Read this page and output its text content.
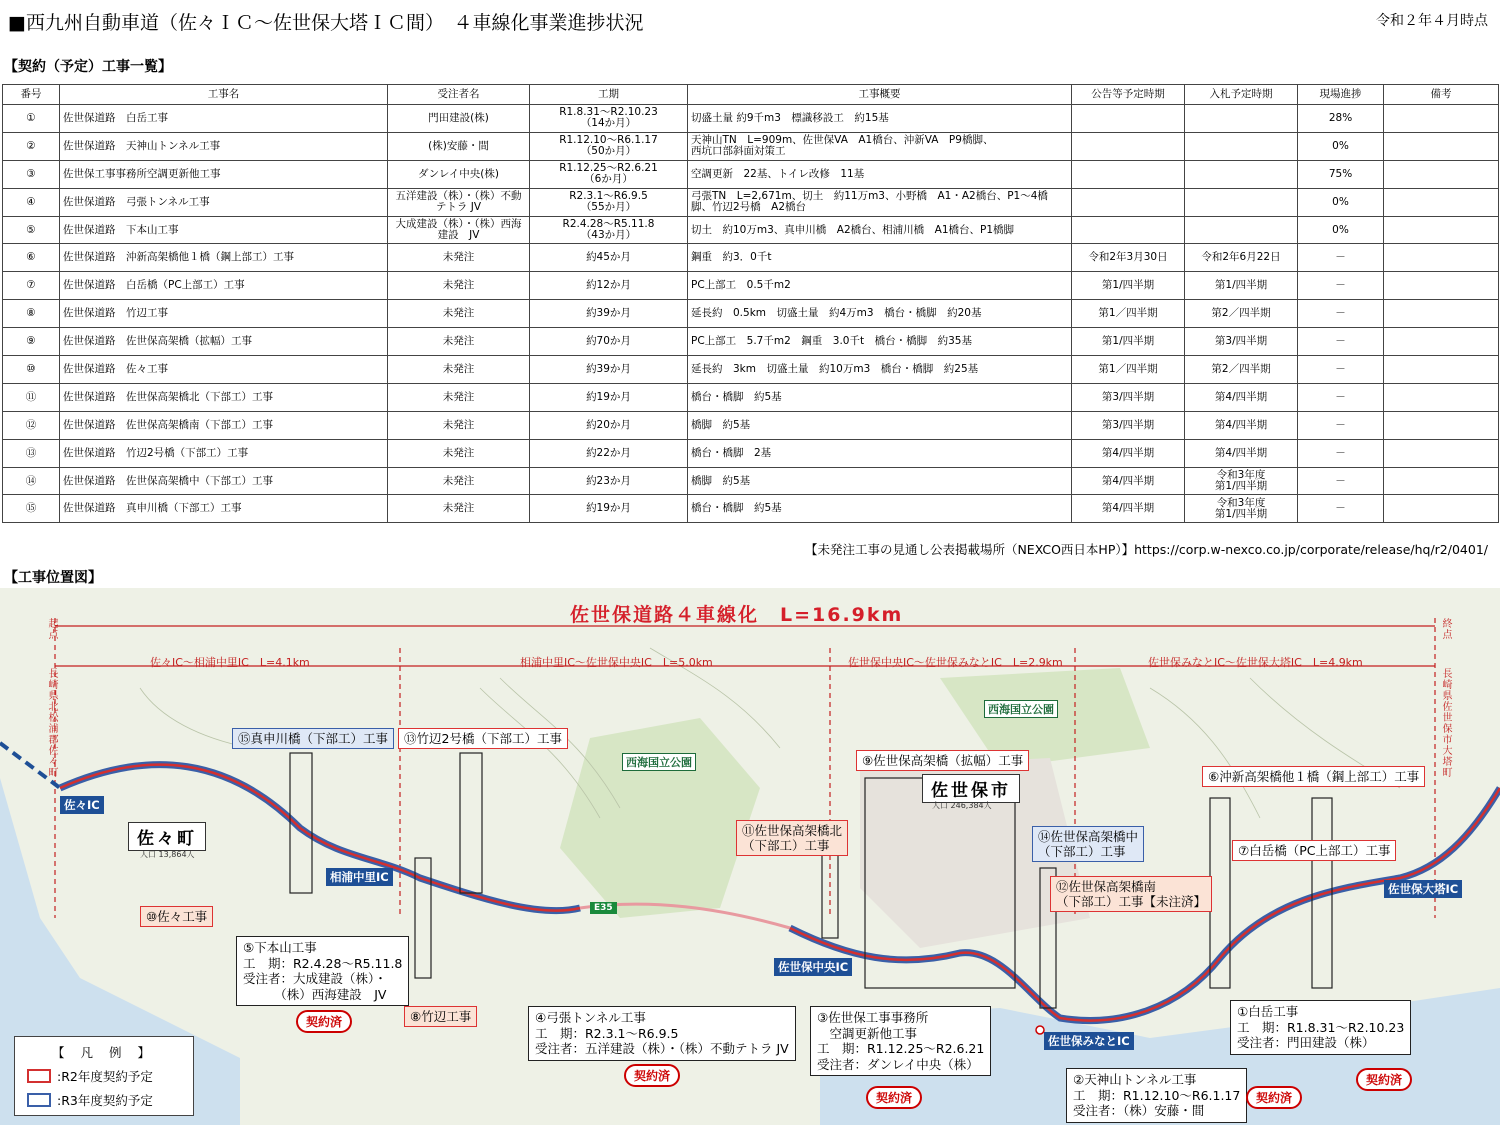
■西九州自動車道（佐々ＩＣ～佐世保大塔ＩＣ間）　４車線化事業進捗状況	令和２年４月時点
【契約（予定）工事一覧】
番号	工事名	受注者名	工期	工事概要	公告等予定時期	入札予定時期	現場進捗	備考
①	佐世保道路　白岳工事	門田建設(株)	R1.8.31～R2.10.23
（14か月）	切盛土量 約9千m3　標識移設工　約15基			28%	
②	佐世保道路　天神山トンネル工事	(株)安藤・間	R1.12.10～R6.1.17
（50か月）	天神山TN　L=909m、佐世保VA　A1橋台、沖新VA　P9橋脚、
西坑口部斜面対策工			0%	
③	佐世保工事事務所空調更新他工事	ダンレイ中央(株)	R1.12.25～R2.6.21
（6か月）	空調更新　22基、トイレ改修　11基			75%	
④	佐世保道路　弓張トンネル工事	五洋建設（株）・（株）不動
テトラ JV	R2.3.1～R6.9.5
（55か月）	弓張TN　L=2,671m、切土　約11万m3、小野橋　A1・A2橋台、P1～4橋
脚、竹辺2号橋　A2橋台			0%	
⑤	佐世保道路　下本山工事	大成建設（株）・（株）西海
建設　JV	R2.4.28～R5.11.8
（43か月）	切土　約10万m3、真申川橋　A2橋台、相浦川橋　A1橋台、P1橋脚			0%	
⑥	佐世保道路　沖新高架橋他１橋（鋼上部工）工事	未発注	約45か月	鋼重　約3．0千t	令和2年3月30日	令和2年6月22日	－	
⑦	佐世保道路　白岳橋（PC上部工）工事	未発注	約12か月	PC上部工　0.5千m2	第1/四半期	第1/四半期	－	
⑧	佐世保道路　竹辺工事	未発注	約39か月	延長約　0.5km　切盛土量　約4万m3　橋台・橋脚　約20基	第1／四半期	第2／四半期	－	
⑨	佐世保道路　佐世保高架橋（拡幅）工事	未発注	約70か月	PC上部工　5.7千m2　鋼重　3.0千t　橋台・橋脚　約35基	第1/四半期	第3/四半期	－	
⑩	佐世保道路　佐々工事	未発注	約39か月	延長約　3km　切盛土量　約10万m3　橋台・橋脚　約25基	第1／四半期	第2／四半期	－	
⑪	佐世保道路　佐世保高架橋北（下部工）工事	未発注	約19か月	橋台・橋脚　約5基	第3/四半期	第4/四半期	－	
⑫	佐世保道路　佐世保高架橋南（下部工）工事	未発注	約20か月	橋脚　約5基	第3/四半期	第4/四半期	－	
⑬	佐世保道路　竹辺2号橋（下部工）工事	未発注	約22か月	橋台・橋脚　2基	第4/四半期	第4/四半期	－	
⑭	佐世保道路　佐世保高架橋中（下部工）工事	未発注	約23か月	橋脚　約5基	第4/四半期	令和3年度
第1/四半期	－	
⑮	佐世保道路　真申川橋（下部工）工事	未発注	約19か月	橋台・橋脚　約5基	第4/四半期	令和3年度
第1/四半期	－	
【未発注工事の見通し公表掲載場所（NEXCO西日本HP）】https://corp.w-nexco.co.jp/corporate/release/hq/r2/0401/
【工事位置図】
佐世保道路４車線化　L=16.9km
起点	終点
長崎県北松浦郡佐々町	長崎県佐世保市大塔町
佐々IC～相浦中里IC　L=4.1km	相浦中里IC～佐世保中央IC　L=5.0km	佐世保中央IC～佐世保みなとIC　L=2.9km	佐世保みなとIC～佐世保大塔IC　L=4.9km
佐々IC
相浦中里IC
佐世保中央IC
佐世保みなとIC
佐世保大塔IC
佐々町
人口 13,864人
佐世保市
人口 246,384人
西海国立公園
西海国立公園
E35
⑮真申川橋（下部工）工事	⑬竹辺2号橋（下部工）工事
⑨佐世保高架橋（拡幅）工事
⑥沖新高架橋他１橋（鋼上部工）工事
⑪佐世保高架橋北
（下部工）工事
⑭佐世保高架橋中
（下部工）工事	⑦白岳橋（PC上部工）工事
⑫佐世保高架橋南
（下部工）工事【未注済】
⑩佐々工事
⑧竹辺工事
⑤下本山工事
工　期：R2.4.28～R5.11.8
受注者：大成建設（株）・
　　　（株）西海建設　JV
④弓張トンネル工事
工　期：R2.3.1～R6.9.5
受注者：五洋建設（株）・（株）不動テトラ JV
③佐世保工事事務所
　空調更新他工事
工　期：R1.12.25～R2.6.21
受注者：ダンレイ中央（株）
①白岳工事
工　期：R1.8.31～R2.10.23
受注者：門田建設（株）
②天神山トンネル工事
工　期：R1.12.10～R6.1.17
受注者：（株）安藤・間
契約済
契約済
契約済	契約済
契約済
【 凡 例 】
:R2年度契約予定
:R3年度契約予定
